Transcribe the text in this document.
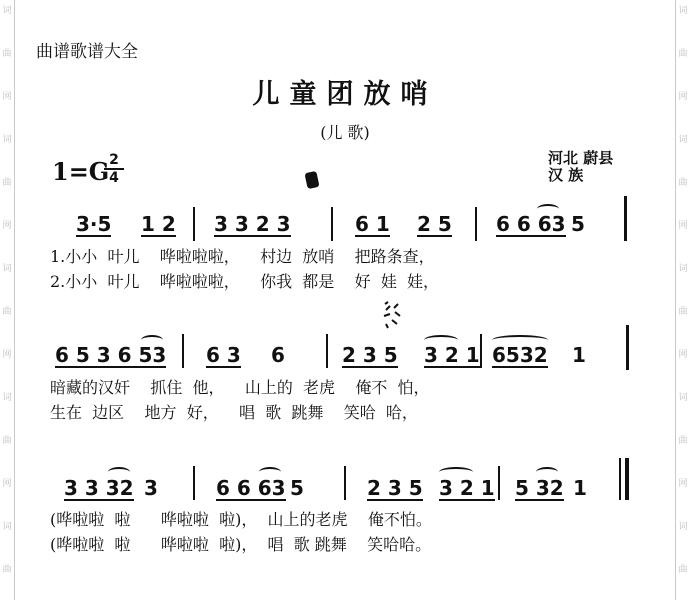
词
曲
网
词
曲
网
词
曲
网
词
曲
网
词
曲
词
曲
网
词
曲
网
词
曲
网
词
曲
网
词
曲
曲谱歌谱大全
儿童团放哨
(儿 歌)
1=G 2
4
河北 蔚县
汉 族
3·5 1 2 3 3 2 3	6 1 2 5 6 6 63 5
1.小小  叶儿    哗啦啦啦，    村边  放哨    把路条查，
2.小小  叶儿    哗啦啦啦，    你我  都是    好  娃  娃，
6 5 3 6 53 6 3 6	2 3 5 3 2 1 6532 1
暗藏的汉奸    抓住  他，    山上的  老虎    俺不  怕，
生在  边区    地方  好，    唱  歌  跳舞    笑哈  哈，
3 3 32 3	6 6 63 5	2 3 5 3 2 1 5 32 1
(哗啦啦  啦      哗啦啦  啦)，  山上的老虎    俺不怕。
(哗啦啦  啦      哗啦啦  啦)，  唱  歌 跳舞    笑哈哈。
